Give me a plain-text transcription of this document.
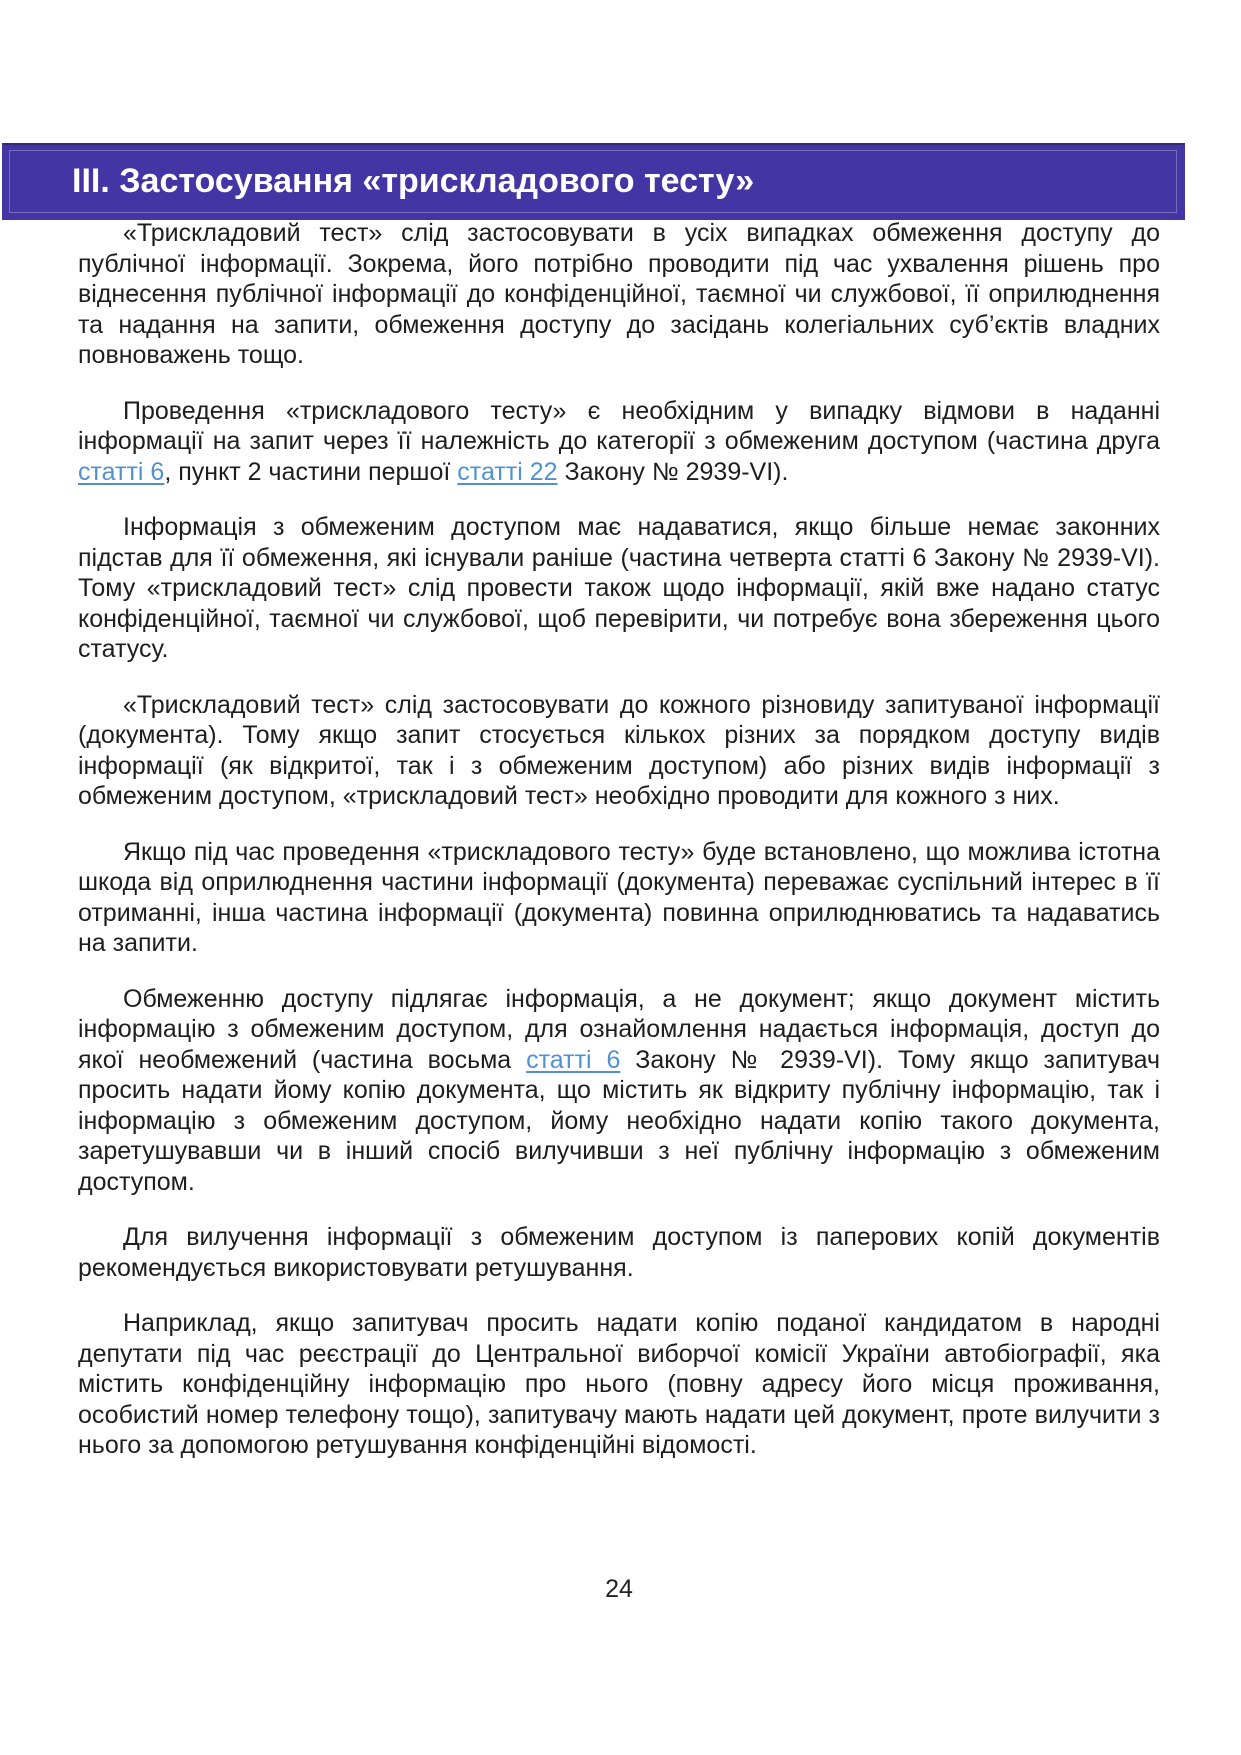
ІІІ. Застосування «трискладового тесту»

«Трискладовий тест» слід застосовувати в усіх випадках обмеження доступу до публічної інформації. Зокрема, його потрібно проводити під час ухвалення рішень про віднесення публічної інформації до конфіденційної, таємної чи службової, її оприлюднення та надання на запити, обмеження доступу до засідань колегіальних суб’єктів владних повноважень тощо.

Проведення «трискладового тесту» є необхідним у випадку відмови в наданні інформації на запит через її належність до категорії з обмеженим доступом (частина друга статті 6, пункт 2 частини першої статті 22 Закону № 2939-VI).

Інформація з обмеженим доступом має надаватися, якщо більше немає законних підстав для її обмеження, які існували раніше (частина четверта статті 6 Закону № 2939-VI). Тому «трискладовий тест» слід провести також щодо інформації, якій вже надано статус конфіденційної, таємної чи службової, щоб перевірити, чи потребує вона збереження цього статусу.

«Трискладовий тест» слід застосовувати до кожного різновиду запитуваної інформації (документа). Тому якщо запит стосується кількох різних за порядком доступу видів інформації (як відкритої, так і з обмеженим доступом) або різних видів інформації з обмеженим доступом, «трискладовий тест» необхідно проводити для кожного з них.

Якщо під час проведення «трискладового тесту» буде встановлено, що можлива істотна шкода від оприлюднення частини інформації (документа) переважає суспільний інтерес в її отриманні, інша частина інформації (документа) повинна оприлюднюватись та надаватись на запити.

Обмеженню доступу підлягає інформація, а не документ; якщо документ містить інформацію з обмеженим доступом, для ознайомлення надається інформація, доступ до якої необмежений (частина восьма статті 6 Закону № 2939-VI). Тому якщо запитувач просить надати йому копію документа, що містить як відкриту публічну інформацію, так і інформацію з обмеженим доступом, йому необхідно надати копію такого документа, заретушувавши чи в інший спосіб вилучивши з неї публічну інформацію з обмеженим доступом.

Для вилучення інформації з обмеженим доступом із паперових копій документів рекомендується використовувати ретушування.

Наприклад, якщо запитувач просить надати копію поданої кандидатом в народні депутати під час реєстрації до Центральної виборчої комісії України автобіографії, яка містить конфіденційну інформацію про нього (повну адресу його місця проживання, особистий номер телефону тощо), запитувачу мають надати цей документ, проте вилучити з нього за допомогою ретушування конфіденційні відомості.

24
